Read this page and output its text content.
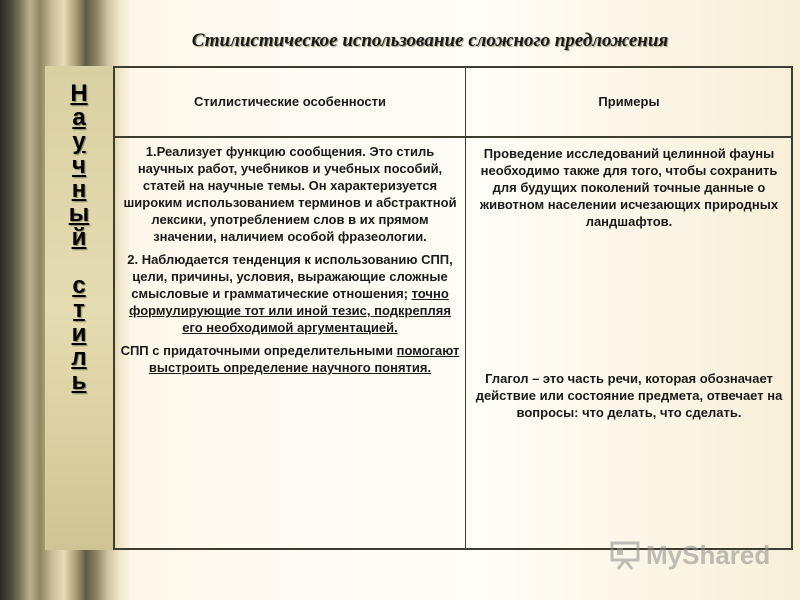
Стилистическое использование сложного предложения
Н
а
у
ч
н
ы
й
с
т
и
л
ь
Стилистические особенности	Примеры

1.Реализует функцию сообщения. Это стиль научных работ, учебников и учебных пособий, статей на научные темы. Он характеризуется широким использованием терминов и абстрактной лексики, употреблением слов в их прямом значении, наличием особой фразеологии.

2. Наблюдается тенденция к использованию СПП, цели, причины, условия, выражающие сложные смысловые и грамматические отношения; точно формулирующие тот или иной тезис, подкрепляя его необходимой аргументацией.

СПП с придаточными определительными помогают выстроить определение научного понятия.

Проведение исследований целинной фауны необходимо также для того, чтобы сохранить для будущих поколений точные данные о животном населении исчезающих природных ландшафтов.
Глагол – это часть речи, которая обозначает действие или состояние предмета, отвечает на вопросы: что делать, что сделать.
MyShared
